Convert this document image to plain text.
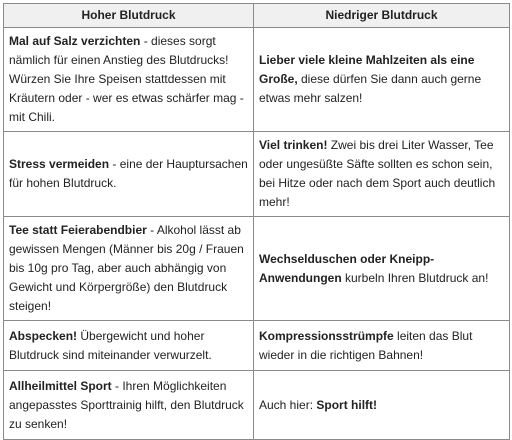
Hoher Blutdruck	Niedriger Blutdruck
Mal auf Salz verzichten - dieses sorgt nämlich für einen Anstieg des Blutdrucks! Würzen Sie Ihre Speisen stattdessen mit Kräutern oder - wer es etwas schärfer mag - mit Chili.	Lieber viele kleine Mahlzeiten als eine Große, diese dürfen Sie dann auch gerne etwas mehr salzen!
Stress vermeiden - eine der Hauptursachen für hohen Blutdruck.	Viel trinken! Zwei bis drei Liter Wasser, Tee oder ungesüßte Säfte sollten es schon sein, bei Hitze oder nach dem Sport auch deutlich mehr!
Tee statt Feierabendbier - Alkohol lässt ab gewissen Mengen (Männer bis 20g / Frauen bis 10g pro Tag, aber auch abhängig von Gewicht und Körpergröße) den Blutdruck steigen!	Wechselduschen oder Kneipp-Anwendungen kurbeln Ihren Blutdruck an!
Abspecken! Übergewicht und hoher Blutdruck sind miteinander verwurzelt.	Kompressionsstrümpfe leiten das Blut wieder in die richtigen Bahnen!
Allheilmittel Sport - Ihren Möglichkeiten angepasstes Sporttrainig hilft, den Blutdruck zu senken!	Auch hier: Sport hilft!
